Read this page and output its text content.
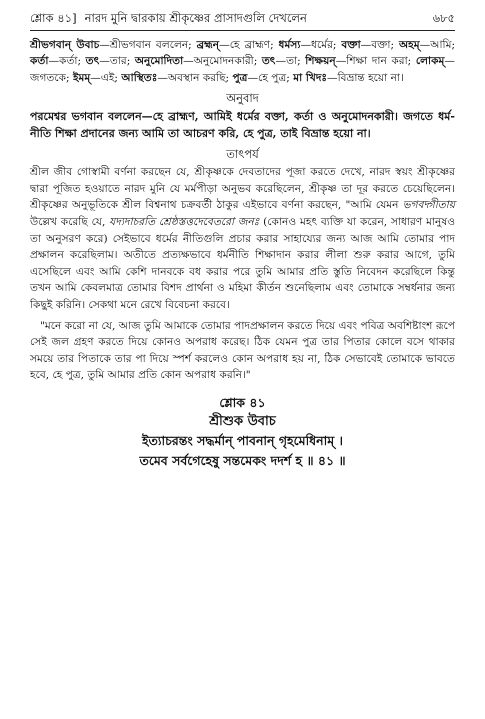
শ্লোক ৪১] নারদ মুনি দ্বারকায় শ্রীকৃষ্ণের প্রাসাদগুলি দেখলেন	৬৮৫

শ্রীভগবান্ উবাচ—শ্রীভগবান বললেন; ব্রহ্মন্—হে ব্রাহ্মণ; ধর্মস্য—ধর্মের; বক্তা—বক্তা; অহম্—আমি; কর্তা—কর্তা; তৎ—তার; অনুমোদিতা—অনুমোদনকারী; তৎ—তা; শিক্ষয়ন্—শিক্ষা দান করা; লোকম্—জগতকে; ইমম্—এই; আস্থিতঃ—অবস্থান করছি; পুত্র—হে পুত্র; মা খিদঃ—বিভ্রান্ত হয়ো না।

অনুবাদ

পরমেশ্বর ভগবান বললেন—হে ব্রাহ্মণ, আমিই ধর্মের বক্তা, কর্তা ও অনুমোদনকারী। জগতে ধর্ম-নীতি শিক্ষা প্রদানের জন্য আমি তা আচরণ করি, হে পুত্র, তাই বিভ্রান্ত হয়ো না।

তাৎপর্য

শ্রীল জীব গোস্বামী বর্ণনা করছেন যে, শ্রীকৃষ্ণকে দেবতাদের পূজা করতে দেখে, নারদ স্বয়ং শ্রীকৃষ্ণের দ্বারা পূজিত হওয়াতে নারদ মুনি যে মর্মপীড়া অনুভব করেছিলেন, শ্রীকৃষ্ণ তা দূর করতে চেয়েছিলেন। শ্রীকৃষ্ণের অনুভূতিকে শ্রীল বিশ্বনাথ চক্রবর্তী ঠাকুর এইভাবে বর্ণনা করছেন, "আমি যেমন ভগবদ্গীতায় উল্লেখ করেছি যে, যদ্যদাচরতি শ্রেষ্ঠস্তত্তদেবেতরো জনঃ (কোনও মহৎ ব্যক্তি যা করেন, সাধারণ মানুষও তা অনুসরণ করে) সেইভাবে ধর্মের নীতিগুলি প্রচার করার সাহায্যের জন্য আজ আমি তোমার পাদ প্রক্ষালন করেছিলাম। অতীতে প্রত্যক্ষভাবে ধর্মনীতি শিক্ষাদান করার লীলা শুরু করার আগে, তুমি এসেছিলে এবং আমি কেশি দানবকে বধ করার পরে তুমি আমার প্রতি স্তুতি নিবেদন করেছিলে কিন্তু তখন আমি কেবলমাত্র তোমার বিশদ প্রার্থনা ও মহিমা কীর্তন শুনেছিলাম এবং তোমাকে সম্বর্ধনার জন্য কিছুই করিনি। সেকথা মনে রেখে বিবেচনা করবে।

"মনে করো না যে, আজ তুমি আমাকে তোমার পাদপ্রক্ষালন করতে দিয়ে এবং পবিত্র অবশিষ্টাংশ রূপে সেই জল গ্রহণ করতে দিয়ে কোনও অপরাধ করেছ। ঠিক যেমন পুত্র তার পিতার কোলে বসে থাকার সময়ে তার পিতাকে তার পা দিয়ে স্পর্শ করলেও কোন অপরাধ হয় না, ঠিক সেভাবেই তোমাকে ভাবতে হবে, হে পুত্র, তুমি আমার প্রতি কোন অপরাধ করনি।"

শ্লোক ৪১
শ্রীশুক উবাচ
ইত্যাচরন্তং সদ্ধর্মান্ পাবনান্ গৃহমেধিনাম্ ।
তমেব সর্বগেহেষু সন্তমেকং দদর্শ হ ॥ ৪১ ॥
